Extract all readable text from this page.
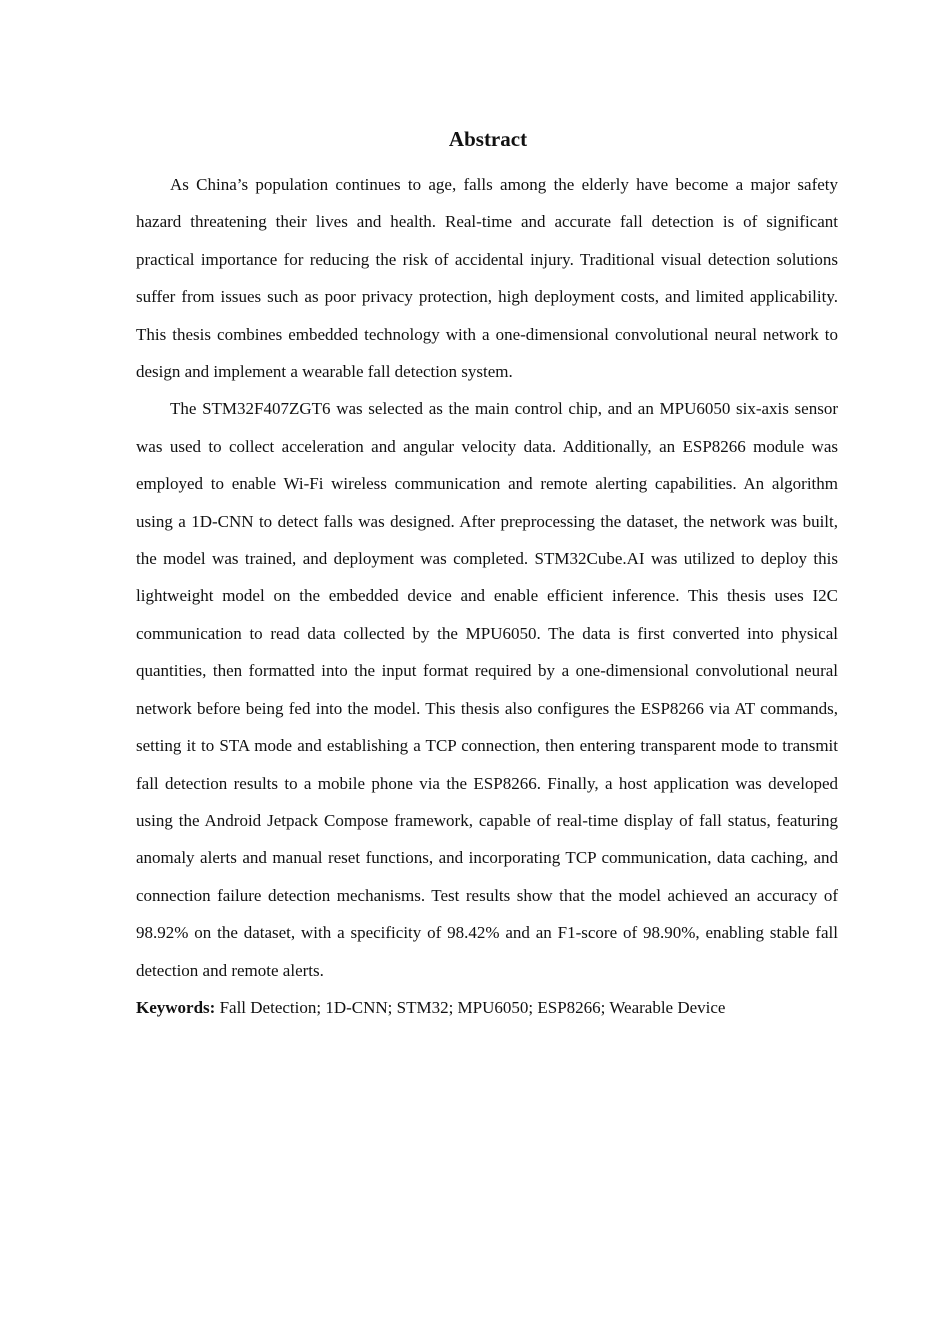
Abstract

As China’s population continues to age, falls among the elderly have become a major safety hazard threatening their lives and health. Real-time and accurate fall detection is of significant practical importance for reducing the risk of accidental injury. Traditional visual detection solutions suffer from issues such as poor privacy protection, high deployment costs, and limited applicability. This thesis combines embedded technology with a one-dimensional convolutional neural network to design and implement a wearable fall detection system.

The STM32F407ZGT6 was selected as the main control chip, and an MPU6050 six-axis sensor was used to collect acceleration and angular velocity data. Additionally, an ESP8266 module was employed to enable Wi-Fi wireless communication and remote alerting capabilities. An algorithm using a 1D-CNN to detect falls was designed. After preprocessing the dataset, the network was built, the model was trained, and deployment was completed. STM32Cube.AI was utilized to deploy this lightweight model on the embedded device and enable efficient inference. This thesis uses I2C communication to read data collected by the MPU6050. The data is first converted into physical quantities, then formatted into the input format required by a one-dimensional convolutional neural network before being fed into the model. This thesis also configures the ESP8266 via AT commands, setting it to STA mode and establishing a TCP connection, then entering transparent mode to transmit fall detection results to a mobile phone via the ESP8266. Finally, a host application was developed using the Android Jetpack Compose framework, capable of real-time display of fall status, featuring anomaly alerts and manual reset functions, and incorporating TCP communication, data caching, and connection failure detection mechanisms. Test results show that the model achieved an accuracy of 98.92% on the dataset, with a specificity of 98.42% and an F1-score of 98.90%, enabling stable fall detection and remote alerts.

Keywords: Fall Detection; 1D-CNN; STM32; MPU6050; ESP8266; Wearable Device
